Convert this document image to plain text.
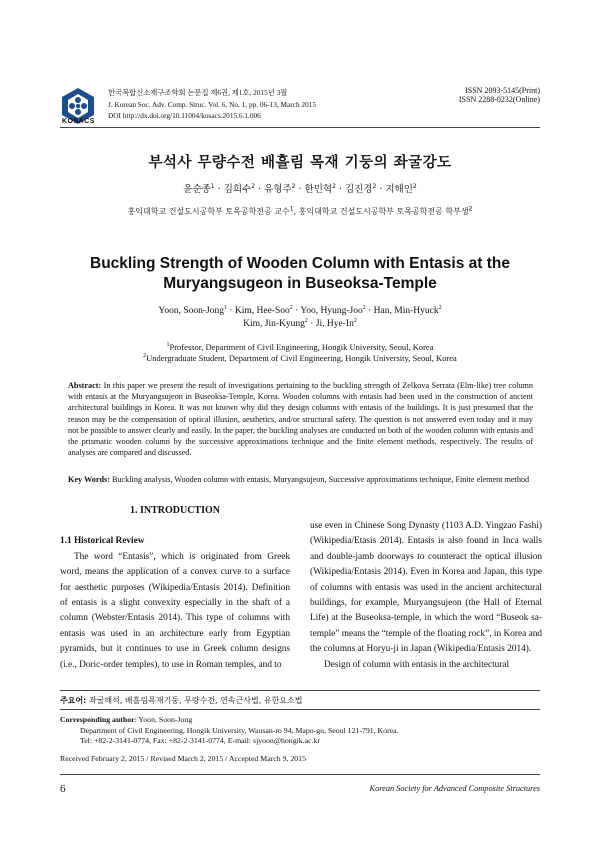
KOSACS
한국복합신소재구조학회 논문집 제6권, 제1호, 2015년 3월
J. Korean Soc. Adv. Comp. Struc. Vol. 6, No. 1, pp. 06-13, March 2015
DOI http://dx.doi.org/10.11004/kosacs.2015.6.1.006
ISSN 2093-5145(Print)
ISSN 2288-0232(Online)
부석사 무량수전 배흘림 목재 기둥의 좌굴강도
윤순종$^1$ · 김희수$^2$ · 유형주$^2$ · 한민혁$^2$ · 김진경$^2$ · 지해인$^2$
홍익대학교 건설도시공학부 토목공학전공 교수$^1$, 홍익대학교 건설도시공학부 토목공학전공 학부생$^2$
Buckling Strength of Wooden Column with Entasis at the
Muryangsugeon in Buseoksa-Temple
Yoon, Soon-Jong$^1$ · Kim, Hee-Soo$^2$ · Yoo, Hyung-Joo$^2$ · Han, Min-Hyuck$^2$
Kim, Jin-Kyung$^2$ · Ji, Hye-In$^2$
$^1$Professor, Department of Civil Engineering, Hongik University, Seoul, Korea
$^2$Undergraduate Student, Department of Civil Engineering, Hongik University, Seoul, Korea
Abstract: In this paper we present the result of investigations pertaining to the buckling strength of Zelkova Serrata (Elm-like) tree column with entasis at the Muryangsujeon in Buseoksa-Temple, Korea. Wooden columns with entasis had been used in the construction of ancient architectural buildings in Korea. It was not known why did they design columns with entasis of the buildings. It is just presumed that the reason may be the compensation of optical illusion, aesthetics, and/or structural safety. The question is not answered even today and it may not be possible to answer clearly and easily. In the paper, the buckling analyses are conducted on both of the wooden column with entasis and the prismatic wooden column by the successive approximations technique and the finite element methods, respectively. The results of analyses are compared and discussed.
Key Words: Buckling analysis, Wooden column with entasis, Muryangsujeon, Successive approximations technique, Finite element method

1. INTRODUCTION

1.1 Historical Review

The word “Entasis”, which is originated from Greek word, means the application of a convex curve to a surface for aesthetic purposes (Wikipedia/Entasis 2014). Definition of entasis is a slight convexity especially in the shaft of a column (Webster/Entasis 2014). This type of columns with entasis was used in an architecture early from Egyptian pyramids, but it continues to use in Greek column designs (i.e., Doric-order temples), to use in Roman temples, and to

use even in Chinese Song Dynasty (1103 A.D. Yingzao Fashi) (Wikipedia/Etasis 2014). Entasis is also found in Inca walls and double-jamb doorways to counteract the optical illusion (Wikipedia/Entasis 2014). Even in Korea and Japan, this type of columns with entasis was used in the ancient architectural buildings, for example, Muryangsujeon (the Hall of Eternal Life) at the Buseoksa-temple, in which the word “Buseok sa-temple” means the “temple of the floating rock”, in Korea and the columns at Horyu-ji in Japan (Wikipedia/Entasis 2014).

Design of column with entasis in the architectural

주요어: 좌굴해석, 배흘림목재기둥, 무량수전, 연속근사법, 유한요소법
Corresponding author: Yoon, Soon-Jong
Department of Civil Engineering, Hongik University, Wausan-ro 94, Mapo-gu, Seoul 121-791, Korea.
Tel: +82-2-3141-0774, Fax: +82-2-3141-0774, E-mail: sjyoon@hongik.ac.kr
Received February 2, 2015 / Revised March 2, 2015 / Accepted March 9, 2015
6	Korean Society for Advanced Composite Structures
